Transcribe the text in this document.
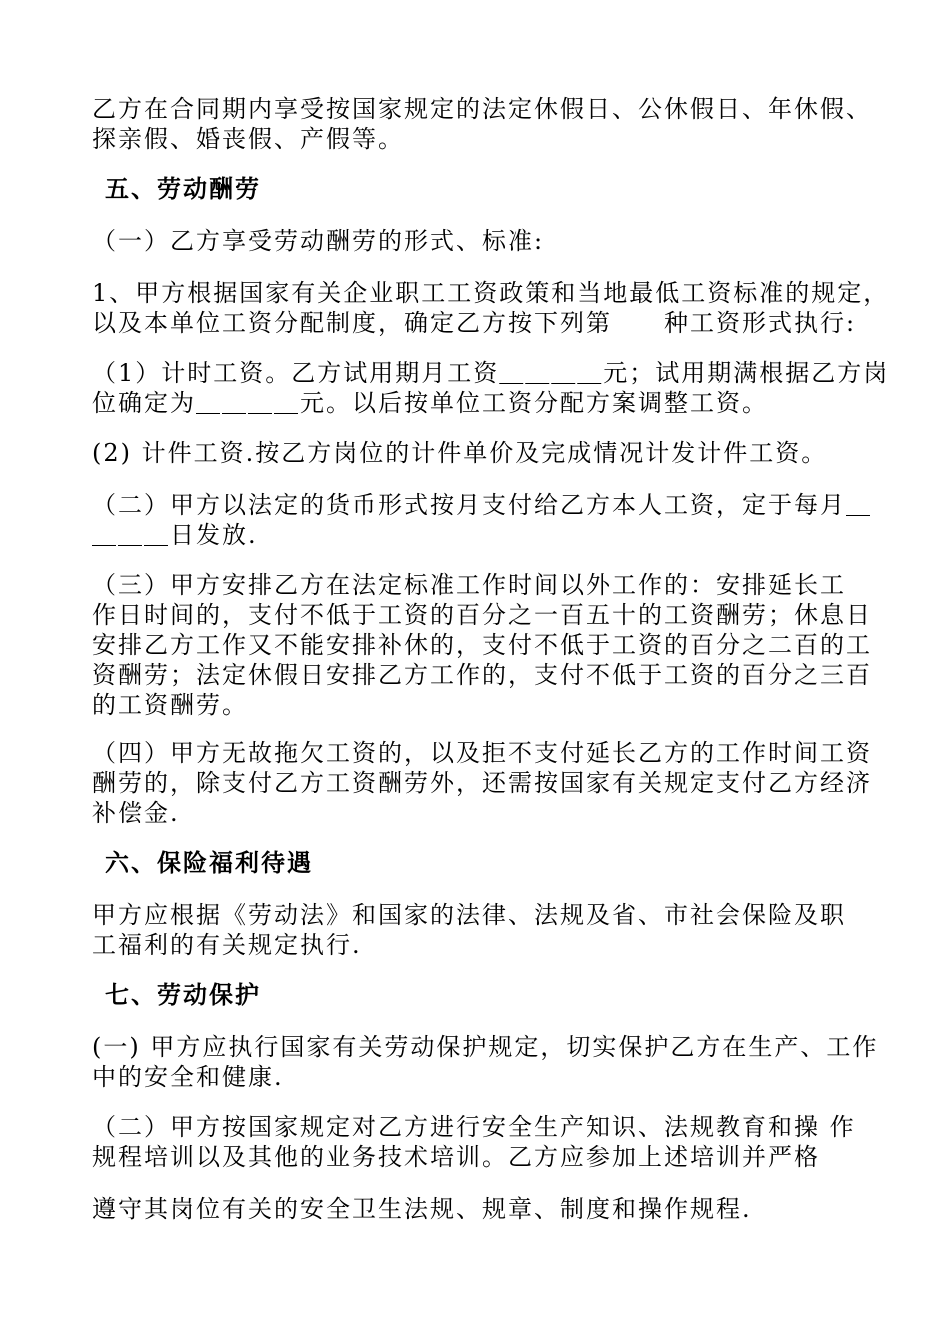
乙方在合同期内享受按国家规定的法定休假日、公休假日、年休假、
探亲假、婚丧假、产假等。
五、劳动酬劳
（一）乙方享受劳动酬劳的形式、标准:
1、甲方根据国家有关企业职工工资政策和当地最低工资标准的规定，
以及本单位工资分配制度，确定乙方按下列第　　种工资形式执行:
（1）计时工资。乙方试用期月工资＿＿＿＿元；试用期满根据乙方岗
位确定为＿＿＿＿元。以后按单位工资分配方案调整工资。
(2) 计件工资.按乙方岗位的计件单价及完成情况计发计件工资。
（二）甲方以法定的货币形式按月支付给乙方本人工资，定于每月＿
＿＿＿日发放.
（三）甲方安排乙方在法定标准工作时间以外工作的：安排延长工
作日时间的，支付不低于工资的百分之一百五十的工资酬劳；休息日
安排乙方工作又不能安排补休的，支付不低于工资的百分之二百的工
资酬劳；法定休假日安排乙方工作的，支付不低于工资的百分之三百
的工资酬劳。
（四）甲方无故拖欠工资的，以及拒不支付延长乙方的工作时间工资
酬劳的，除支付乙方工资酬劳外，还需按国家有关规定支付乙方经济
补偿金.
六、保险福利待遇
甲方应根据《劳动法》和国家的法律、法规及省、市社会保险及职
工福利的有关规定执行.
七、劳动保护
(一) 甲方应执行国家有关劳动保护规定，切实保护乙方在生产、工作
中的安全和健康.
（二）甲方按国家规定对乙方进行安全生产知识、法规教育和操 作
规程培训以及其他的业务技术培训。乙方应参加上述培训并严格
遵守其岗位有关的安全卫生法规、规章、制度和操作规程.
